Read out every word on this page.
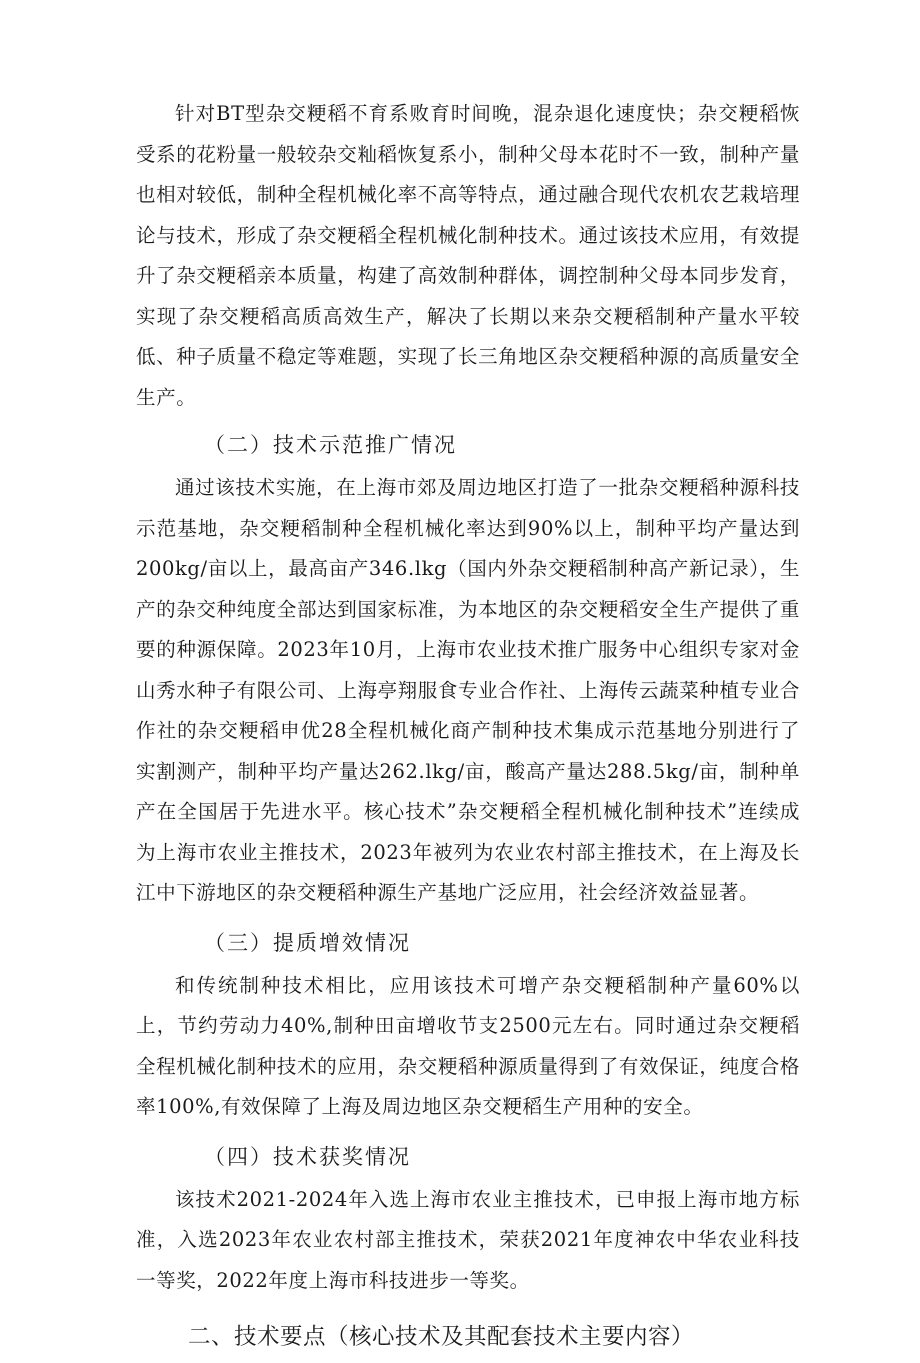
针对BT型杂交粳稻不育系败育时间晚，混杂退化速度快；杂交粳稻恢受系的花粉量一般较杂交籼稻恢复系小，制种父母本花时不一致，制种产量也相对较低，制种全程机械化率不高等特点，通过融合现代农机农艺栽培理论与技术，形成了杂交粳稻全程机械化制种技术。通过该技术应用，有效提升了杂交粳稻亲本质量，构建了高效制种群体，调控制种父母本同步发育，实现了杂交粳稻高质高效生产，解决了长期以来杂交粳稻制种产量水平较低、种子质量不稳定等难题，实现了长三角地区杂交粳稻种源的高质量安全生产。

（二）技术示范推广情况

通过该技术实施，在上海市郊及周边地区打造了一批杂交粳稻种源科技示范基地，杂交粳稻制种全程机械化率达到90%以上，制种平均产量达到200kg/亩以上，最高亩产346.lkg（国内外杂交粳稻制种高产新记录），生产的杂交种纯度全部达到国家标准，为本地区的杂交粳稻安全生产提供了重要的种源保障。2023年10月，上海市农业技术推广服务中心组织专家对金山秀水种子有限公司、上海亭翔服食专业合作社、上海传云蔬菜种植专业合作社的杂交粳稻申优28全程机械化商产制种技术集成示范基地分别进行了实割测产，制种平均产量达262.lkg/亩，酸高产量达288.5kg/亩，制种单产在全国居于先进水平。核心技术”杂交粳稻全程机械化制种技术”连续成为上海市农业主推技术，2023年被列为农业农村部主推技术，在上海及长江中下游地区的杂交粳稻种源生产基地广泛应用，社会经济效益显著。

（三）提质增效情况

和传统制种技术相比，应用该技术可增产杂交粳稻制种产量60%以上，节约劳动力40%,制种田亩增收节支2500元左右。同时通过杂交粳稻全程机械化制种技术的应用，杂交粳稻种源质量得到了有效保证，纯度合格率100%,有效保障了上海及周边地区杂交粳稻生产用种的安全。

（四）技术获奖情况

该技术2021-2024年入选上海市农业主推技术，已申报上海市地方标准，入选2023年农业农村部主推技术，荣获2021年度神农中华农业科技一等奖，2022年度上海市科技进步一等奖。

二、技术要点（核心技术及其配套技术主要内容）
